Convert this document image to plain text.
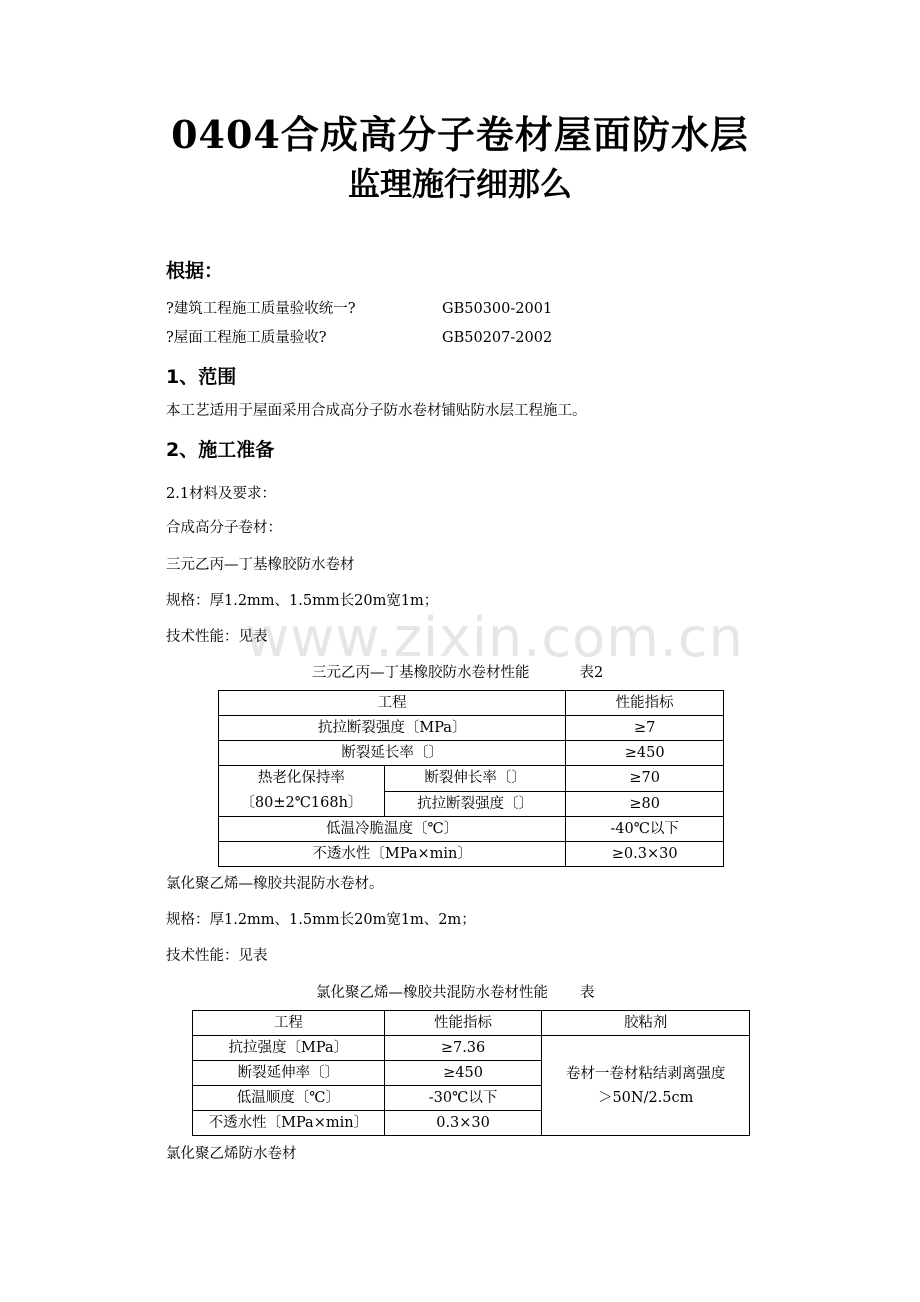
www.zixin.com.cn
0404合成高分子卷材屋面防水层
监理施行细那么
根据：
?建筑工程施工质量验收统一?	GB50300-2001
?屋面工程施工质量验收?	GB50207-2002
1、范围
本工艺适用于屋面采用合成高分子防水卷材铺贴防水层工程施工。
2、施工准备
2.1材料及要求：
合成高分子卷材：
三元乙丙—丁基橡胶防水卷材
规格：厚1.2mm、1.5mm长20m宽1m；
技术性能：见表
三元乙丙—丁基橡胶防水卷材性能	表2
工程		性能指标
抗拉断裂强度〔MPa〕		≥7
断裂延长率〔〕		≥450

热老化保持率
〔80±2℃168h〕	断裂伸长率〔〕	≥70
	抗拉断裂强度〔〕	≥80
低温冷脆温度〔℃〕		-40℃以下
不透水性〔MPa×min〕		≥0.3×30
氯化聚乙烯—橡胶共混防水卷材。
规格：厚1.2mm、1.5mm长20m宽1m、2m；
技术性能：见表
氯化聚乙烯—橡胶共混防水卷材性能 表
工程	性能指标	胶粘剂
抗拉强度〔MPa〕	≥7.36	卷材一卷材粘结剥离强度
＞50N/2.5cm

断裂延伸率〔〕	≥450	
低温顺度〔℃〕	-30℃以下	
不透水性〔MPa×min〕	0.3×30	
氯化聚乙烯防水卷材
